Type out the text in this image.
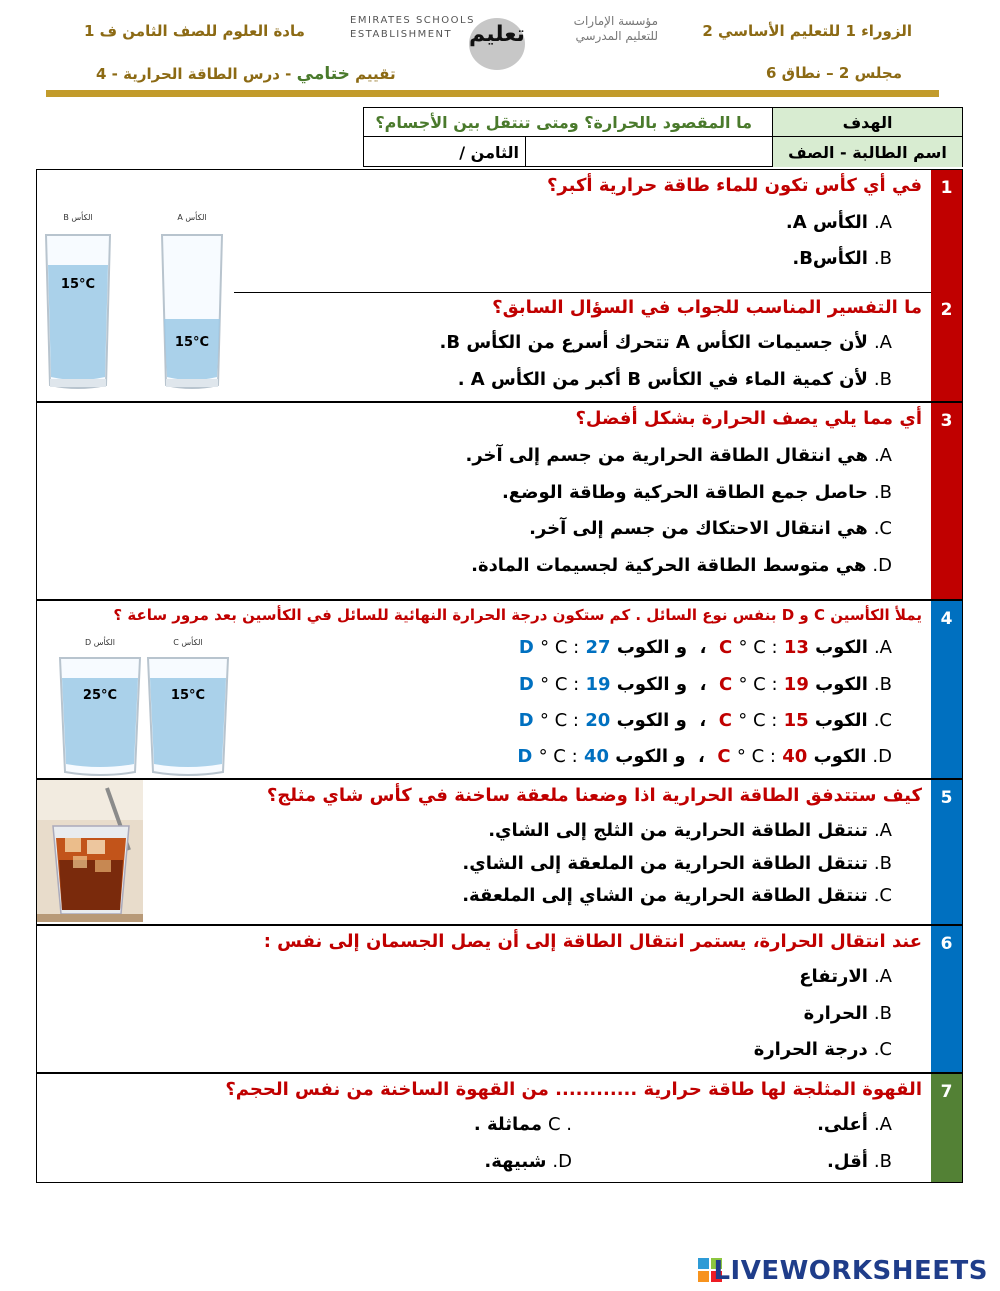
الزوراء 1 للتعليم الأساسي 2
مجلس 2 – نطاق 6
مؤسسة الإمارات
للتعليم المدرسي
تعليم
EMIRATES SCHOOLS
ESTABLISHMENT
مادة العلوم للصف الثامن ف 1
تقييم ختامي - درس الطاقة الحرارية - 4
الهدف
ما المقصود بالحرارة؟ ومتى تنتقل بين الأجسام؟
اسم الطالبة - الصف
الثامن /
1
في أي كأس تكون للماء طاقة حرارية أكبر؟
.Aالكأس A.
.BالكأسB.
2
ما التفسير المناسب للجواب في السؤال السابق؟
.Aلأن جسيمات الكأس A تتحرك أسرع من الكأس B.
.Bلأن كمية الماء في الكأس B أكبر من الكأس A .
الكأس B
15°C
الكأس A
15°C
3
أي مما يلي يصف الحرارة بشكل أفضل؟
.Aهي انتقال الطاقة الحرارية من جسم إلى آخر.
.Bحاصل جمع الطاقة الحركية وطاقة الوضع.
.Cهي انتقال الاحتكاك من جسم إلى آخر.
.Dهي متوسط الطاقة الحركية لجسيمات المادة.
4
يملأ الكأسين C و D بنفس نوع السائل . كم ستكون درجة الحرارة النهائية للسائل في الكأسين بعد مرور ساعة ؟
.Aالكوب C ° C : 13  ،  و الكوب D ° C : 27
.Bالكوب C ° C : 19  ،  و الكوب D ° C : 19
.Cالكوب C ° C : 15  ،  و الكوب D ° C : 20
.Dالكوب C ° C : 40  ،  و الكوب D ° C : 40
الكأس D
25°C
الكأس C
15°C
5
كيف ستتدفق الطاقة الحرارية اذا وضعنا ملعقة ساخنة في كأس شاي مثلج؟
.Aتنتقل الطاقة الحرارية من الثلج إلى الشاي.
.Bتنتقل الطاقة الحرارية من الملعقة إلى الشاي.
.Cتنتقل الطاقة الحرارية من الشاي إلى الملعقة.
6
عند انتقال الحرارة، يستمر انتقال الطاقة إلى أن يصل الجسمان إلى نفس :
.Aالارتفاع
.Bالحرارة
.Cدرجة الحرارة
7
القهوة المثلجة لها طاقة حرارية ............ من القهوة الساخنة من نفس الحجم؟
.Aأعلى.
.Bأقل.
C .مماثلة .
.Dشبيهة.
LIVEWORKSHEETS
